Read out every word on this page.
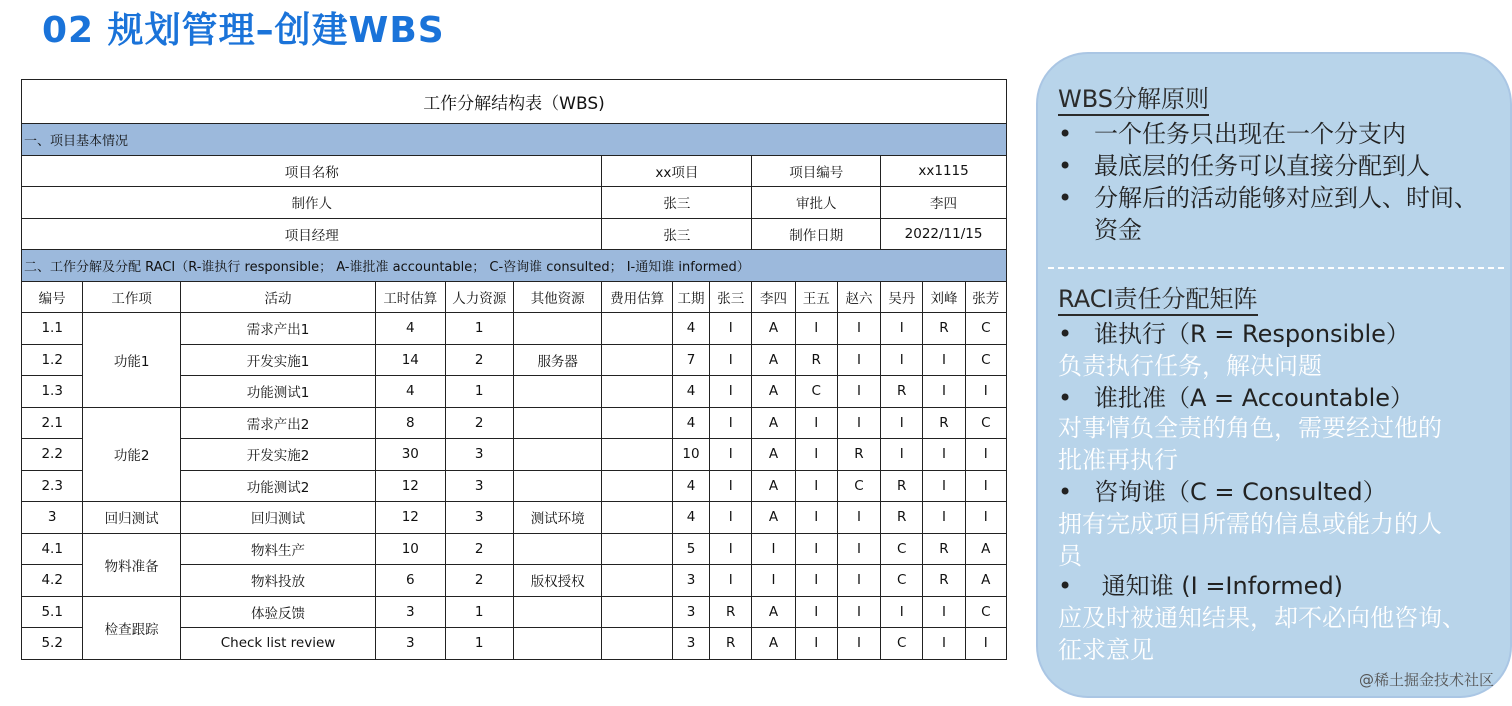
02 规划管理–创建WBS
工作分解结构表（WBS)														
一、项目基本情况														
项目名称						xx项目			项目编号			xx1115		
制作人						张三			审批人			李四		
项目经理						张三			制作日期			2022/11/15		
二、工作分解及分配 RACI（R-谁执行 responsible； A-谁批准 accountable； C-咨询谁 consulted； I-通知谁 informed）														
编号	工作项	活动	工时估算	人力资源	其他资源	费用估算	工期	张三	李四	王五	赵六	吴丹	刘峰	张芳
1.1	功能1	需求产出1	4	1			4	I	A	I	I	I	R	C
1.2		开发实施1	14	2	服务器		7	I	A	R	I	I	I	C
1.3		功能测试1	4	1			4	I	A	C	I	R	I	I
2.1	功能2	需求产出2	8	2			4	I	A	I	I	I	R	C
2.2		开发实施2	30	3			10	I	A	I	R	I	I	I
2.3		功能测试2	12	3			4	I	A	I	C	R	I	I
3	回归测试	回归测试	12	3	测试环境		4	I	A	I	I	R	I	I
4.1	物料准备	物料生产	10	2			5	I	I	I	I	C	R	A
4.2		物料投放	6	2	版权授权		3	I	I	I	I	C	R	A
5.1	检查跟踪	体验反馈	3	1			3	R	A	I	I	I	I	C
5.2		Check list review	3	1			3	R	A	I	I	C	I	I
WBS分解原则
• 一个任务只出现在一个分支内
• 最底层的任务可以直接分配到人
• 分解后的活动能够对应到人、时间、
资金
RACI责任分配矩阵
• 谁执行（R = Responsible）
负责执行任务，解决问题
• 谁批准（A = Accountable）
对事情负全责的角色，需要经过他的
批准再执行
• 咨询谁（C = Consulted）
拥有完成项目所需的信息或能力的人
员
• 通知谁 (I =Informed)
应及时被通知结果，却不必向他咨询、
征求意见
@稀土掘金技术社区
